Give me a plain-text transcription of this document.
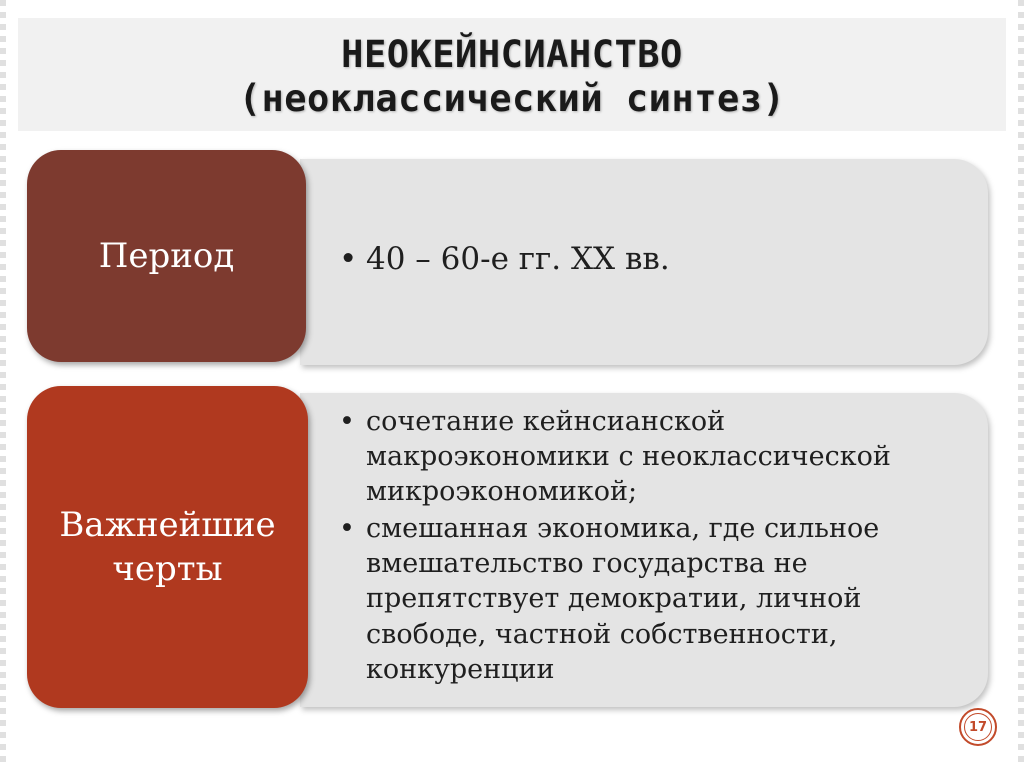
НЕОКЕЙНСИАНСТВО
(неоклассический синтез)
Период
•	40 – 60-е гг. XX вв.
Важнейшие черты
• сочетание кейнсианской макроэкономики с неоклассической микроэкономикой;
• смешанная экономика, где сильное вмешательство государства не препятствует демократии, личной свободе, частной собственности, конкуренции
17
